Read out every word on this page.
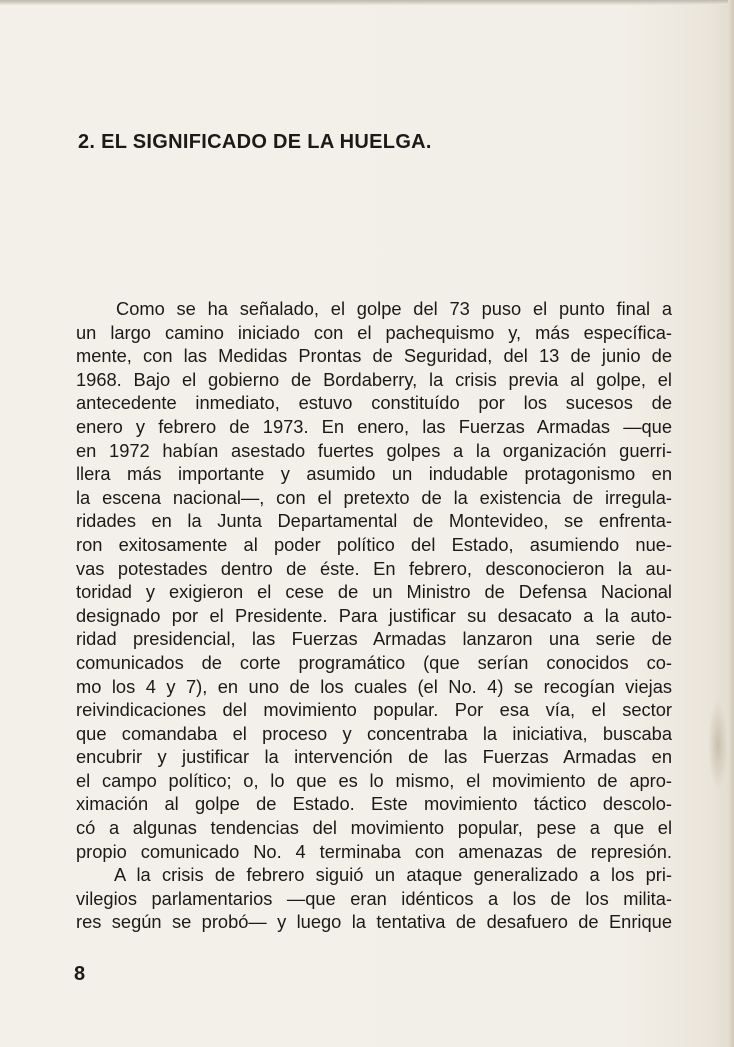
2. EL SIGNIFICADO DE LA HUELGA.
Como se ha señalado, el golpe del 73 puso el punto final a
un largo camino iniciado con el pachequismo y, más específica-
mente, con las Medidas Prontas de Seguridad, del 13 de junio de
1968. Bajo el gobierno de Bordaberry, la crisis previa al golpe, el
antecedente inmediato, estuvo constituído por los sucesos de
enero y febrero de 1973. En enero, las Fuerzas Armadas —que
en 1972 habían asestado fuertes golpes a la organización guerri-
llera más importante y asumido un indudable protagonismo en
la escena nacional—, con el pretexto de la existencia de irregula-
ridades en la Junta Departamental de Montevideo, se enfrenta-
ron exitosamente al poder político del Estado, asumiendo nue-
vas potestades dentro de éste. En febrero, desconocieron la au-
toridad y exigieron el cese de un Ministro de Defensa Nacional
designado por el Presidente. Para justificar su desacato a la auto-
ridad presidencial, las Fuerzas Armadas lanzaron una serie de
comunicados de corte programático (que serían conocidos co-
mo los 4 y 7), en uno de los cuales (el No. 4) se recogían viejas
reivindicaciones del movimiento popular. Por esa vía, el sector
que comandaba el proceso y concentraba la iniciativa, buscaba
encubrir y justificar la intervención de las Fuerzas Armadas en
el campo político; o, lo que es lo mismo, el movimiento de apro-
ximación al golpe de Estado. Este movimiento táctico descolo-
có a algunas tendencias del movimiento popular, pese a que el
propio comunicado No. 4 terminaba con amenazas de represión.
A la crisis de febrero siguió un ataque generalizado a los pri-
vilegios parlamentarios —que eran idénticos a los de los milita-
res según se probó— y luego la tentativa de desafuero de Enrique
8
